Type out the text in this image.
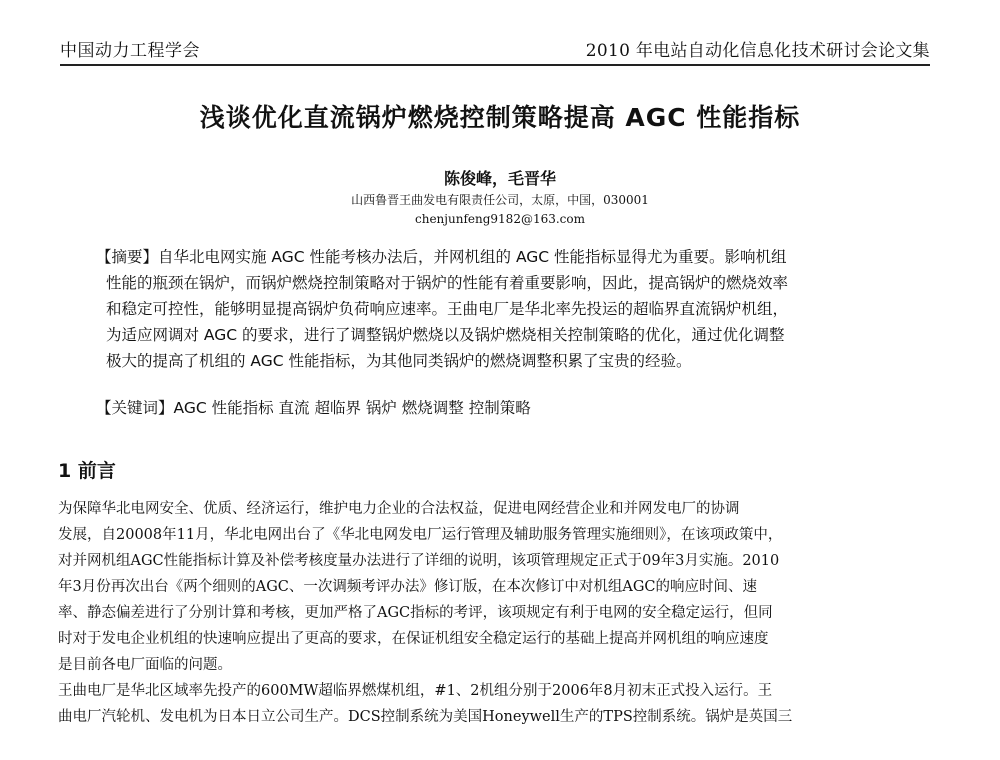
中国动力工程学会	2010 年电站自动化信息化技术研讨会论文集
浅谈优化直流锅炉燃烧控制策略提高 AGC 性能指标
陈俊峰，毛晋华
山西鲁晋王曲发电有限责任公司，太原，中国，030001
chenjunfeng9182@163.com

【摘要】自华北电网实施 AGC 性能考核办法后，并网机组的 AGC 性能指标显得尤为重要。影响机组

性能的瓶颈在锅炉，而锅炉燃烧控制策略对于锅炉的性能有着重要影响，因此，提高锅炉的燃烧效率

和稳定可控性，能够明显提高锅炉负荷响应速率。王曲电厂是华北率先投运的超临界直流锅炉机组，

为适应网调对 AGC 的要求，进行了调整锅炉燃烧以及锅炉燃烧相关控制策略的优化，通过优化调整

极大的提高了机组的 AGC 性能指标，为其他同类锅炉的燃烧调整积累了宝贵的经验。

【关键词】AGC 性能指标 直流 超临界 锅炉 燃烧调整 控制策略
1 前言

为保障华北电网安全、优质、经济运行，维护电力企业的合法权益，促进电网经营企业和并网发电厂的协调

发展，自20008年11月，华北电网出台了《华北电网发电厂运行管理及辅助服务管理实施细则》，在该项政策中，

对并网机组AGC性能指标计算及补偿考核度量办法进行了详细的说明，该项管理规定正式于09年3月实施。2010

年3月份再次出台《两个细则的AGC、一次调频考评办法》修订版，在本次修订中对机组AGC的响应时间、速

率、静态偏差进行了分别计算和考核，更加严格了AGC指标的考评，该项规定有利于电网的安全稳定运行，但同

时对于发电企业机组的快速响应提出了更高的要求，在保证机组安全稳定运行的基础上提高并网机组的响应速度

是目前各电厂面临的问题。

王曲电厂是华北区域率先投产的600MW超临界燃煤机组，#1、2机组分别于2006年8月初末正式投入运行。王

曲电厂汽轮机、发电机为日本日立公司生产。DCS控制系统为美国Honeywell生产的TPS控制系统。锅炉是英国三
